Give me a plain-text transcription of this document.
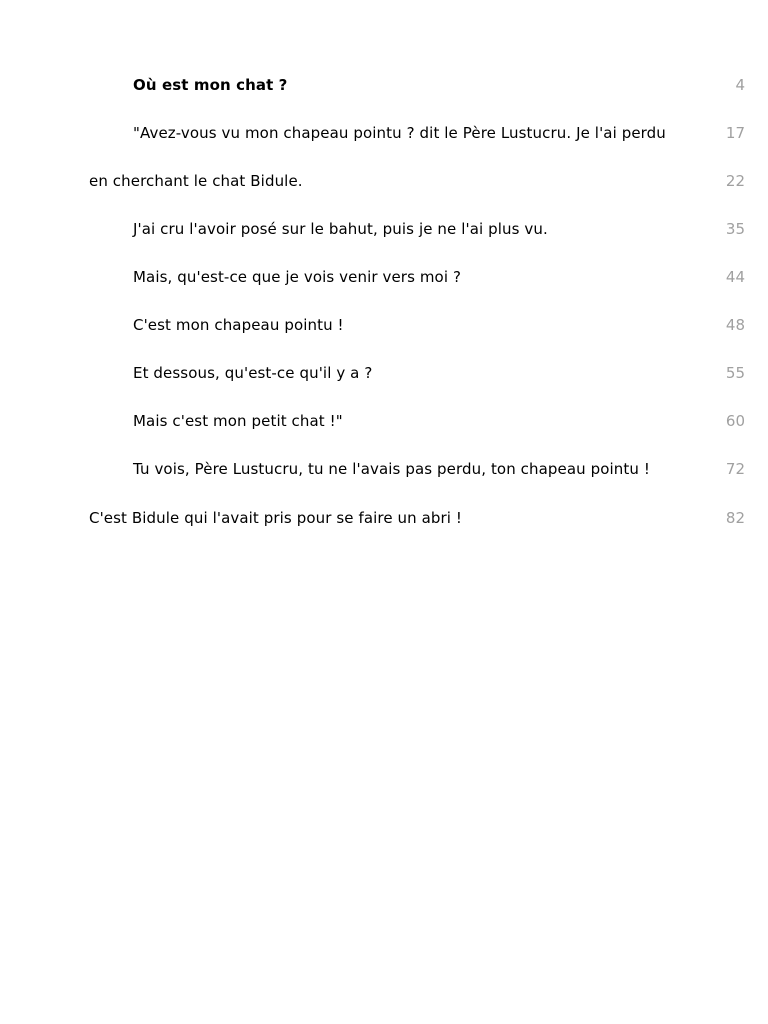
Où est mon chat ?	4
"Avez-vous vu mon chapeau pointu ? dit le Père Lustucru. Je l'ai perdu	17
en cherchant le chat Bidule.	22
J'ai cru l'avoir posé sur le bahut, puis je ne l'ai plus vu.	35
Mais, qu'est-ce que je vois venir vers moi ?	44
C'est mon chapeau pointu !	48
Et dessous, qu'est-ce qu'il y a ?	55
Mais c'est mon petit chat !"	60
Tu vois, Père Lustucru, tu ne l'avais pas perdu, ton chapeau pointu !	72
C'est Bidule qui l'avait pris pour se faire un abri !	82
